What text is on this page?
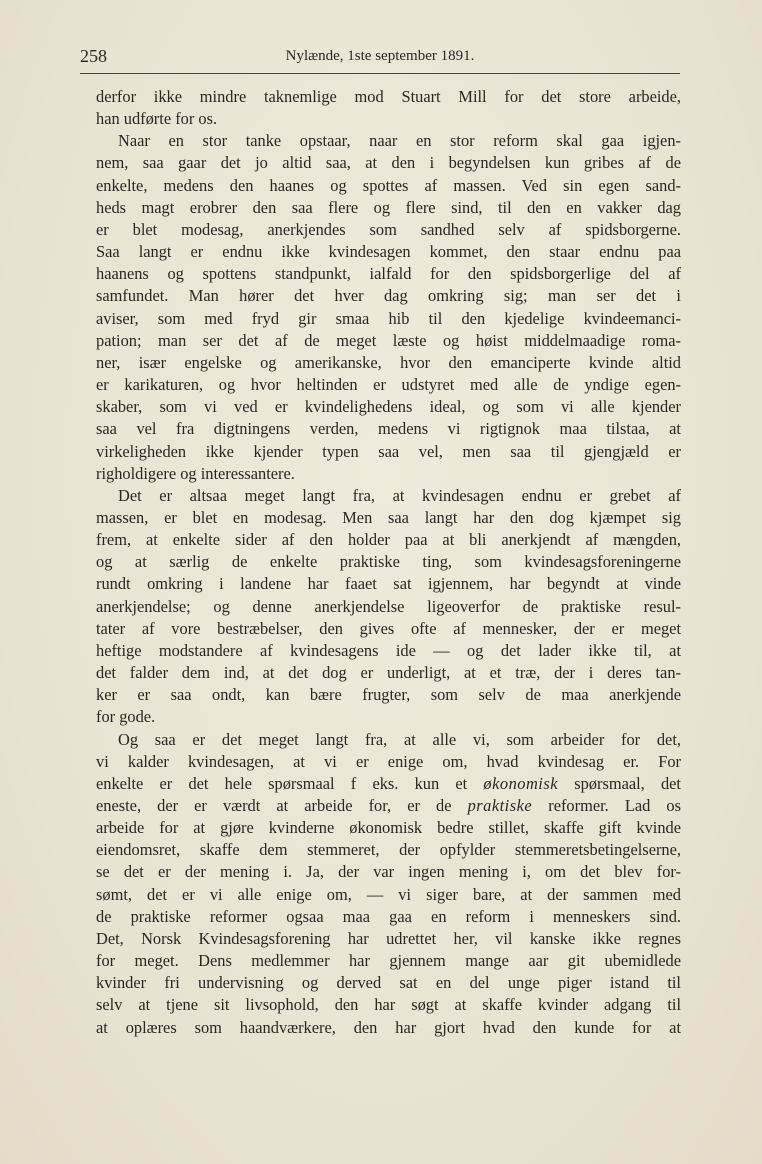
258	Nylænde, 1ste september 1891.

derfor ikke mindre taknemlige mod Stuart Mill for det store arbeide,
han udførte for os.

Naar en stor tanke opstaar, naar en stor reform skal gaa igjen-
nem, saa gaar det jo altid saa, at den i begyndelsen kun gribes af de
enkelte, medens den haanes og spottes af massen. Ved sin egen sand-
heds magt erobrer den saa flere og flere sind, til den en vakker dag
er blet modesag, anerkjendes som sandhed selv af spidsborgerne.
Saa langt er endnu ikke kvindesagen kommet, den staar endnu paa
haanens og spottens standpunkt, ialfald for den spidsborgerlige del af
samfundet. Man hører det hver dag omkring sig; man ser det i
aviser, som med fryd gir smaa hib til den kjedelige kvindeemanci-
pation; man ser det af de meget læste og høist middelmaadige roma-
ner, især engelske og amerikanske, hvor den emanciperte kvinde altid
er karikaturen, og hvor heltinden er udstyret med alle de yndige egen-
skaber, som vi ved er kvindelighedens ideal, og som vi alle kjender
saa vel fra digtningens verden, medens vi rigtignok maa tilstaa, at
virkeligheden ikke kjender typen saa vel, men saa til gjengjæld er
righoldigere og interessantere.

Det er altsaa meget langt fra, at kvindesagen endnu er grebet af
massen, er blet en modesag. Men saa langt har den dog kjæmpet sig
frem, at enkelte sider af den holder paa at bli anerkjendt af mængden,
og at særlig de enkelte praktiske ting, som kvindesagsforeningerne
rundt omkring i landene har faaet sat igjennem, har begyndt at vinde
anerkjendelse; og denne anerkjendelse ligeoverfor de praktiske resul-
tater af vore bestræbelser, den gives ofte af mennesker, der er meget
heftige modstandere af kvindesagens ide — og det lader ikke til, at
det falder dem ind, at det dog er underligt, at et træ, der i deres tan-
ker er saa ondt, kan bære frugter, som selv de maa anerkjende
for gode.

Og saa er det meget langt fra, at alle vi, som arbeider for det,
vi kalder kvindesagen, at vi er enige om, hvad kvindesag er. For
enkelte er det hele spørsmaal f eks. kun et økonomisk spørsmaal, det
eneste, der er værdt at arbeide for, er de praktiske reformer. Lad os
arbeide for at gjøre kvinderne økonomisk bedre stillet, skaffe gift kvinde
eiendomsret, skaffe dem stemmeret, der opfylder stemmeretsbetingelserne,
se det er der mening i. Ja, der var ingen mening i, om det blev for-
sømt, det er vi alle enige om, — vi siger bare, at der sammen med
de praktiske reformer ogsaa maa gaa en reform i menneskers sind.
Det, Norsk Kvindesagsforening har udrettet her, vil kanske ikke regnes
for meget. Dens medlemmer har gjennem mange aar git ubemidlede
kvinder fri undervisning og derved sat en del unge piger istand til
selv at tjene sit livsophold, den har søgt at skaffe kvinder adgang til
at oplæres som haandværkere, den har gjort hvad den kunde for at
